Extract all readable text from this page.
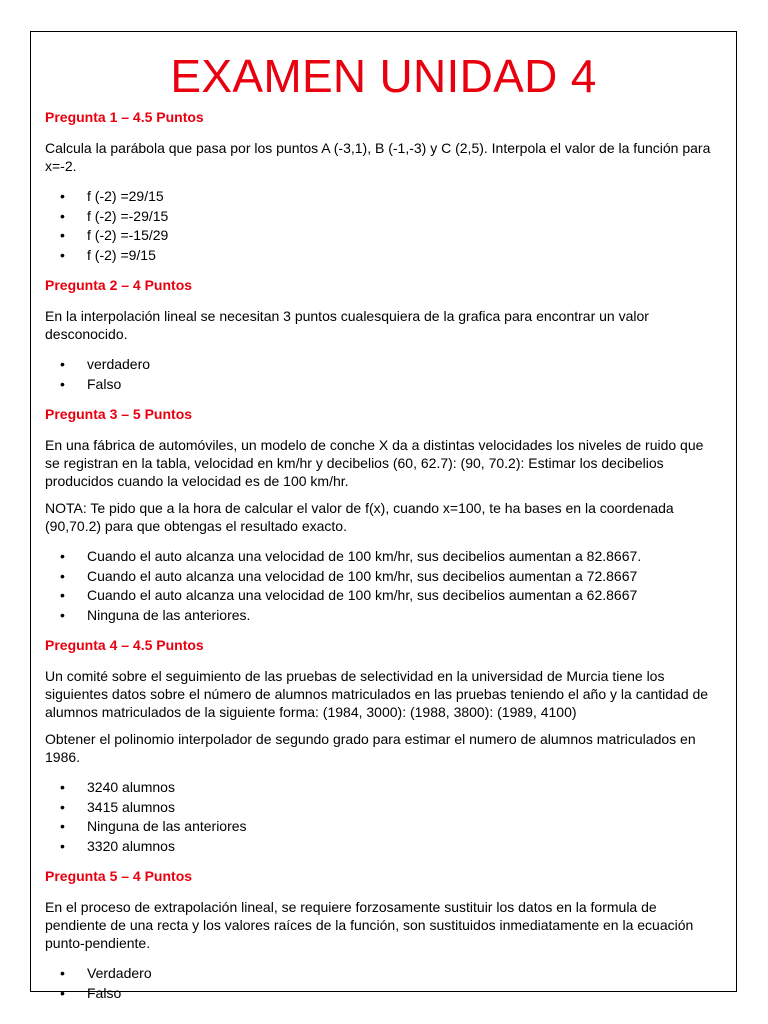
EXAMEN UNIDAD 4

Pregunta 1 – 4.5 Puntos

Calcula la parábola que pasa por los puntos A (-3,1), B (-1,-3) y C (2,5). Interpola el valor de la función para x=-2.

• f (-2) =29/15
• f (-2) =-29/15
• f (-2) =-15/29
• f (-2) =9/15

Pregunta 2 – 4 Puntos

En la interpolación lineal se necesitan 3 puntos cualesquiera de la grafica para encontrar un valor desconocido.

• verdadero
• Falso

Pregunta 3 – 5 Puntos

En una fábrica de automóviles, un modelo de conche X da a distintas velocidades los niveles de ruido que se registran en la tabla, velocidad en km/hr y decibelios (60, 62.7): (90, 70.2): Estimar los decibelios producidos cuando la velocidad es de 100 km/hr.

NOTA: Te pido que a la hora de calcular el valor de f(x), cuando x=100, te ha bases en la coordenada (90,70.2) para que obtengas el resultado exacto.

• Cuando el auto alcanza una velocidad de 100 km/hr, sus decibelios aumentan a 82.8667.
• Cuando el auto alcanza una velocidad de 100 km/hr, sus decibelios aumentan a 72.8667
• Cuando el auto alcanza una velocidad de 100 km/hr, sus decibelios aumentan a 62.8667
• Ninguna de las anteriores.

Pregunta 4 – 4.5 Puntos

Un comité sobre el seguimiento de las pruebas de selectividad en la universidad de Murcia tiene los siguientes datos sobre el número de alumnos matriculados en las pruebas teniendo el año y la cantidad de alumnos matriculados de la siguiente forma: (1984, 3000): (1988, 3800): (1989, 4100)

Obtener el polinomio interpolador de segundo grado para estimar el numero de alumnos matriculados en 1986.

• 3240 alumnos
• 3415 alumnos
• Ninguna de las anteriores
• 3320 alumnos

Pregunta 5 – 4 Puntos

En el proceso de extrapolación lineal, se requiere forzosamente sustituir los datos en la formula de pendiente de una recta y los valores raíces de la función, son sustituidos inmediatamente en la ecuación punto-pendiente.

• Verdadero
• Falso
